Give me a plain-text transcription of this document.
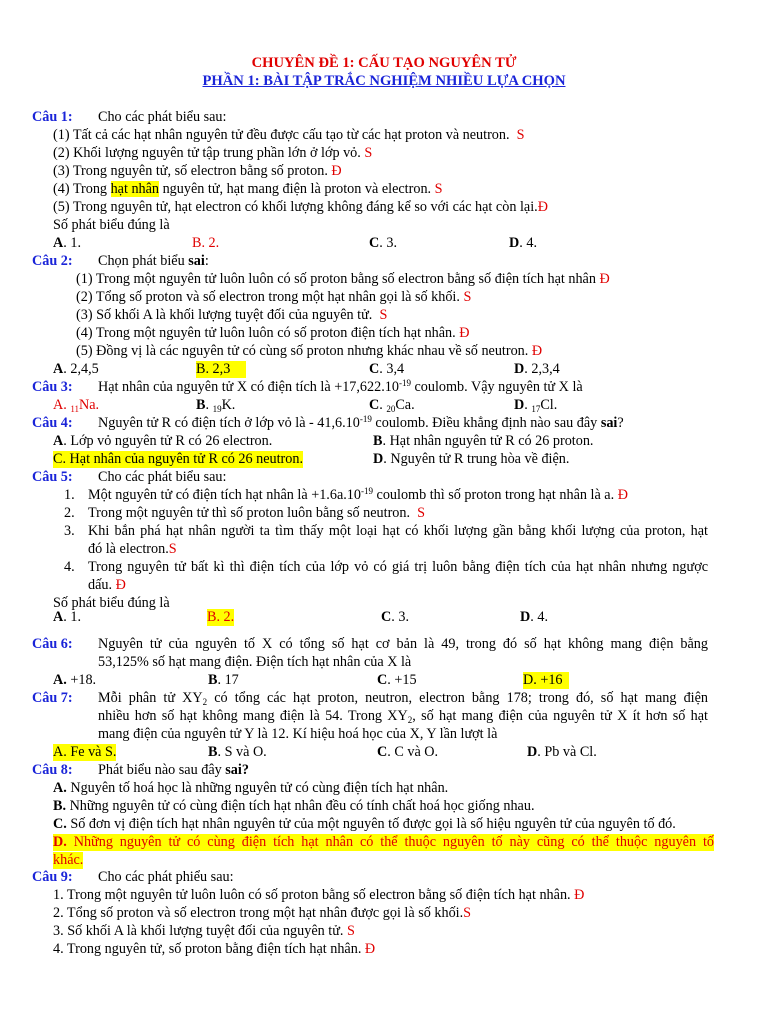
CHUYÊN ĐỀ 1: CẤU TẠO NGUYÊN TỬ
PHẦN 1: BÀI TẬP TRẮC NGHIỆM NHIỀU LỰA CHỌN
Câu 1: Cho các phát biểu sau:
(1) Tất cả các hạt nhân nguyên tử đều được cấu tạo từ các hạt proton và neutron. S
(2) Khối lượng nguyên tử tập trung phần lớn ở lớp vỏ. S
(3) Trong nguyên tử, số electron bằng số proton. Đ
(4) Trong hạt nhân nguyên tử, hạt mang điện là proton và electron. S
(5) Trong nguyên tử, hạt electron có khối lượng không đáng kể so với các hạt còn lại.Đ
Số phát biểu đúng là
A. 1.	B. 2.	C. 3.	D. 4.
Câu 2: Chọn phát biểu sai:
(1) Trong một nguyên tử luôn luôn có số proton bằng số electron bằng số điện tích hạt nhân Đ
(2) Tổng số proton và số electron trong một hạt nhân gọi là số khối. S
(3) Số khối A là khối lượng tuyệt đối của nguyên tử. S
(4) Trong một nguyên tử luôn luôn có số proton điện tích hạt nhân. Đ
(5) Đồng vị là các nguyên tử có cùng số proton nhưng khác nhau về số neutron. Đ
A. 2,4,5	B. 2,3	C. 3,4	D. 2,3,4
Câu 3: Hạt nhân của nguyên tử X có điện tích là $+17,622.10^{-19}$ coulomb. Vậy nguyên tử X là
A. $_{11}$Na.	B. $_{19}$K.	C. $_{20}$Ca.	D. $_{17}$Cl.
Câu 4: Nguyên tử R có điện tích ở lớp vỏ là - $41,6.10^{-19}$ coulomb. Điều khẳng định nào sau đây sai?
A. Lớp vỏ nguyên tử R có 26 electron.	B. Hạt nhân nguyên tử R có 26 proton.
C. Hạt nhân của nguyên tử R có 26 neutron.	D. Nguyên tử R trung hòa về điện.
Câu 5: Cho các phát biểu sau:
1. Một nguyên tử có điện tích hạt nhân là $+1.6a.10^{-19}$ coulomb thì số proton trong hạt nhân là a. Đ
2. Trong một nguyên tử thì số proton luôn bằng số neutron. S
3. Khi bắn phá hạt nhân người ta tìm thấy một loại hạt có khối lượng gần bằng khối lượng của proton, hạt
đó là electron.S
4. Trong nguyên tử bất kì thì điện tích của lớp vỏ có giá trị luôn bằng điện tích của hạt nhân nhưng ngược
dấu. Đ
Số phát biểu đúng là
A. 1.	B. 2.	C. 3.	D. 4.
Câu 6: Nguyên tử của nguyên tố X có tổng số hạt cơ bản là 49, trong đó số hạt không mang điện bằng
53,125% số hạt mang điện. Điện tích hạt nhân của X là
A. +18.	B. 17	C. +15	D. +16
Câu 7: Mỗi phân tử $XY_2$ có tổng các hạt proton, neutron, electron bằng 178; trong đó, số hạt mang điện
nhiều hơn số hạt không mang điện là 54. Trong $XY_2$, số hạt mang điện của nguyên tử X ít hơn số hạt
mang điện của nguyên tử Y là 12. Kí hiệu hoá học của X, Y lần lượt là
A. Fe và S.	B. S và O.	C. C và O.	D. Pb và Cl.
Câu 8: Phát biểu nào sau đây sai?
A. Nguyên tố hoá học là những nguyên tử có cùng điện tích hạt nhân.
B. Những nguyên tử có cùng điện tích hạt nhân đều có tính chất hoá học giống nhau.
C. Số đơn vị điện tích hạt nhân nguyên tử của một nguyên tố được gọi là số hiệu nguyên tử của nguyên tố đó.
D. Những nguyên tử có cùng điện tích hạt nhân có thể thuộc nguyên tố này cũng có thể thuộc nguyên tố
khác.
Câu 9: Cho các phát phiểu sau:
1. Trong một nguyên tử luôn luôn có số proton bằng số electron bằng số điện tích hạt nhân. Đ
2. Tổng số proton và số electron trong một hạt nhân được gọi là số khối.S
3. Số khối A là khối lượng tuyệt đối của nguyên tử. S
4. Trong nguyên tử, số proton bằng điện tích hạt nhân. Đ
